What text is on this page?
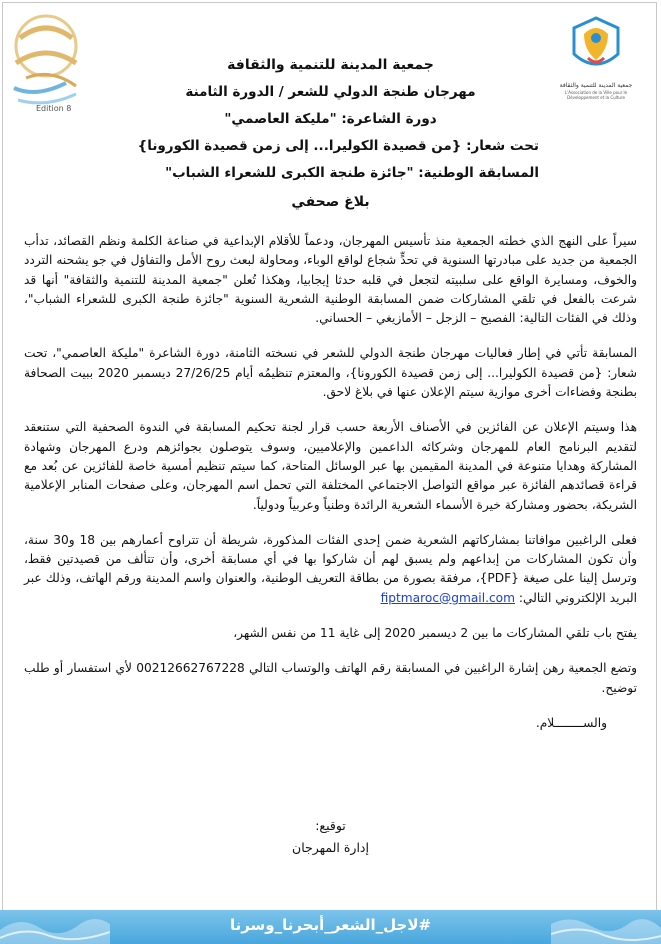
Edition 8
جمعية المدينة للتنمية والثقافة
L'Association de la Ville pour le Développement et la Culture
جمعية المدينة للتنمية والثقافة
مهرجان طنجة الدولي للشعر / الدورة الثامنة
دورة الشاعرة: "مليكة العاصمي"
تحت شعار: {من قصيدة الكوليرا... إلى زمن قصيدة الكورونا}
المسابقة الوطنية: "جائزة طنجة الكبرى للشعراء الشباب"
بلاغ صحفي

سيراً على النهج الذي خطته الجمعية منذ تأسيس المهرجان، ودعماً للأقلام الإبداعية في صناعة الكلمة ونظم القصائد، تدأب الجمعية من جديد على مبادرتها السنوية في تحدٍّ شجاع لواقع الوباء، ومحاولة لبعث روح الأمل والتفاؤل في جو يشحنه التردد والخوف، ومسايرة الواقع على سلبيته لتجعل في قلبه حدثا إيجابيا، وهكذا تُعلن "جمعية المدينة للتنمية والثقافة" أنها قد شرعت بالفعل في تلقي المشاركات ضمن المسابقة الوطنية الشعرية السنوية "جائزة طنجة الكبرى للشعراء الشباب"، وذلك في الفئات التالية: الفصيح – الزجل – الأمازيغي – الحساني.

المسابقة تأتي في إطار فعاليات مهرجان طنجة الدولي للشعر في نسخته الثامنة، دورة الشاعرة "مليكة العاصمي"، تحت شعار: {من قصيدة الكوليرا... إلى زمن قصيدة الكورونا}، والمعتزم تنظيمُه أيام 27/26/25 ديسمبر 2020 ببيت الصحافة بطنجة وفضاءات أخرى موازية سيتم الإعلان عنها في بلاغ لاحق.

هذا وسيتم الإعلان عن الفائزين في الأصناف الأربعة حسب قرار لجنة تحكيم المسابقة في الندوة الصحفية التي ستنعقد لتقديم البرنامج العام للمهرجان وشركائه الداعمين والإعلاميين، وسوف يتوصلون بجوائزهم ودرع المهرجان وشهادة المشاركة وهدايا متنوعة في المدينة المقيمين بها عبر الوسائل المتاحة، كما سيتم تنظيم أمسية خاصة للفائزين عن بُعد مع قراءة قصائدهم الفائزة عبر مواقع التواصل الاجتماعي المختلفة التي تحمل اسم المهرجان، وعلى صفحات المنابر الإعلامية الشريكة، بحضور ومشاركة خيرة الأسماء الشعرية الرائدة وطنياً وعربياً ودولياً.

فعلى الراغبين موافاتنا بمشاركاتهم الشعرية ضمن إحدى الفئات المذكورة، شريطة أن تتراوح أعمارهم بين 18 و30 سنة، وأن تكون المشاركات من إبداعهم ولم يسبق لهم أن شاركوا بها في أي مسابقة أخرى، وأن تتألف من قصيدتين فقط، وترسل إلينا على صيغة {PDF}، مرفقة بصورة من بطاقة التعريف الوطنية، والعنوان واسم المدينة ورقم الهاتف، وذلك عبر البريد الإلكتروني التالي: fiptmaroc@gmail.com

يفتح باب تلقي المشاركات ما بين 2 ديسمبر 2020 إلى غاية 11 من نفس الشهر،

وتضع الجمعية رهن إشارة الراغبين في المسابقة رقم الهاتف والوتساب التالي 00212662767228 لأي استفسار أو طلب توضيح.

والســــــــلام.

توقيع:
إدارة المهرجان
#لاجل_الشعر_أبحرنا_وسرنا
